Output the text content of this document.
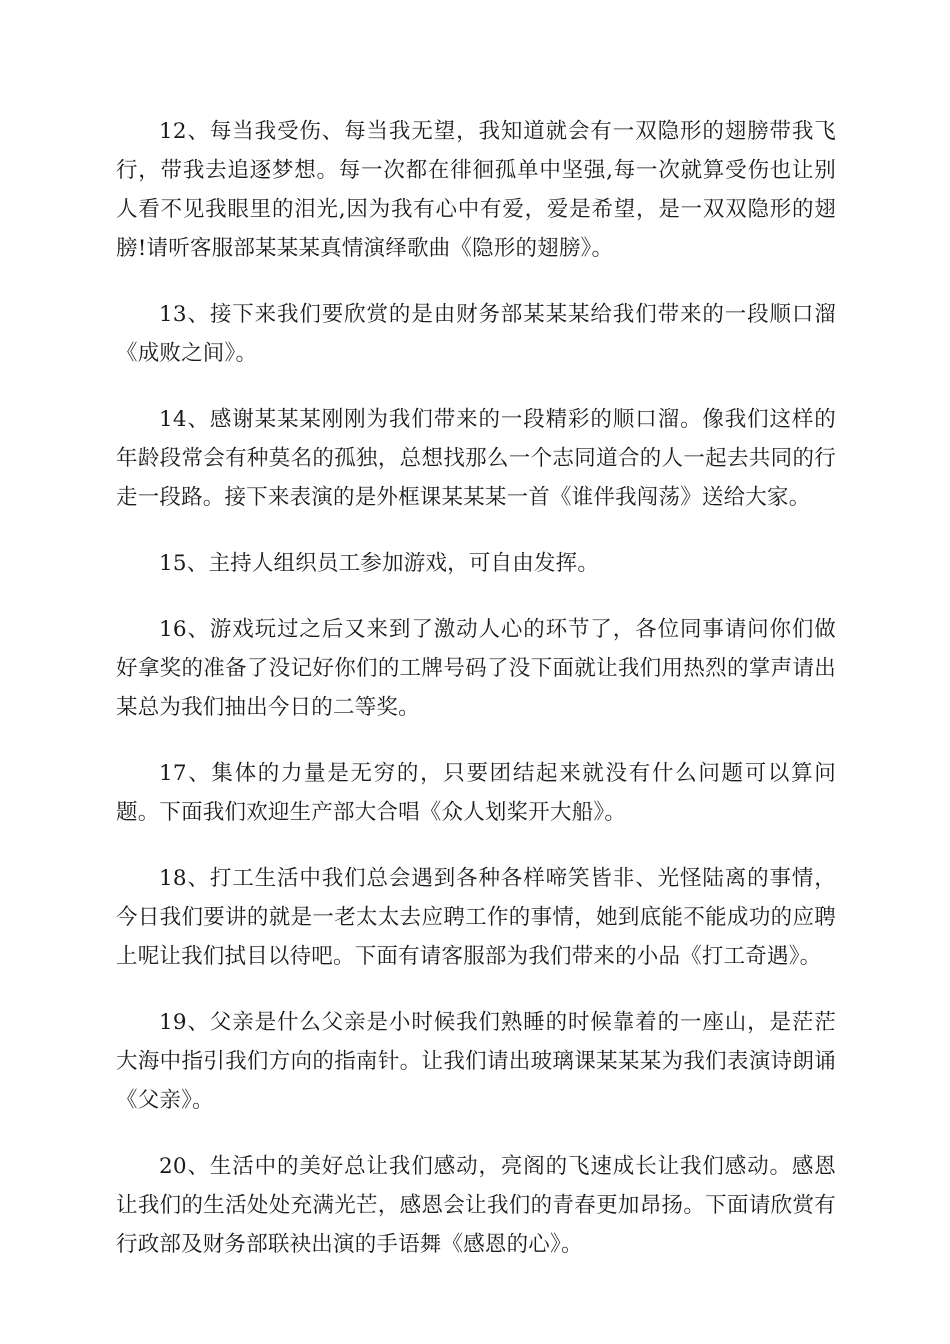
12、每当我受伤、每当我无望，我知道就会有一双隐形的翅膀带我飞行，带我去追逐梦想。每一次都在徘徊孤单中坚强,每一次就算受伤也让别人看不见我眼里的泪光,因为我有心中有爱，爱是希望，是一双双隐形的翅膀!请听客服部某某某真情演绎歌曲《隐形的翅膀》。

13、接下来我们要欣赏的是由财务部某某某给我们带来的一段顺口溜《成败之间》。

14、感谢某某某刚刚为我们带来的一段精彩的顺口溜。像我们这样的年龄段常会有种莫名的孤独，总想找那么一个志同道合的人一起去共同的行走一段路。接下来表演的是外框课某某某一首《谁伴我闯荡》送给大家。

15、主持人组织员工参加游戏，可自由发挥。

16、游戏玩过之后又来到了激动人心的环节了，各位同事请问你们做好拿奖的准备了没记好你们的工牌号码了没下面就让我们用热烈的掌声请出某总为我们抽出今日的二等奖。

17、集体的力量是无穷的，只要团结起来就没有什么问题可以算问题。下面我们欢迎生产部大合唱《众人划桨开大船》。

18、打工生活中我们总会遇到各种各样啼笑皆非、光怪陆离的事情，今日我们要讲的就是一老太太去应聘工作的事情，她到底能不能成功的应聘上呢让我们拭目以待吧。下面有请客服部为我们带来的小品《打工奇遇》。

19、父亲是什么父亲是小时候我们熟睡的时候靠着的一座山，是茫茫大海中指引我们方向的指南针。让我们请出玻璃课某某某为我们表演诗朗诵《父亲》。

20、生活中的美好总让我们感动，亮阁的飞速成长让我们感动。感恩让我们的生活处处充满光芒，感恩会让我们的青春更加昂扬。下面请欣赏有行政部及财务部联袂出演的手语舞《感恩的心》。
